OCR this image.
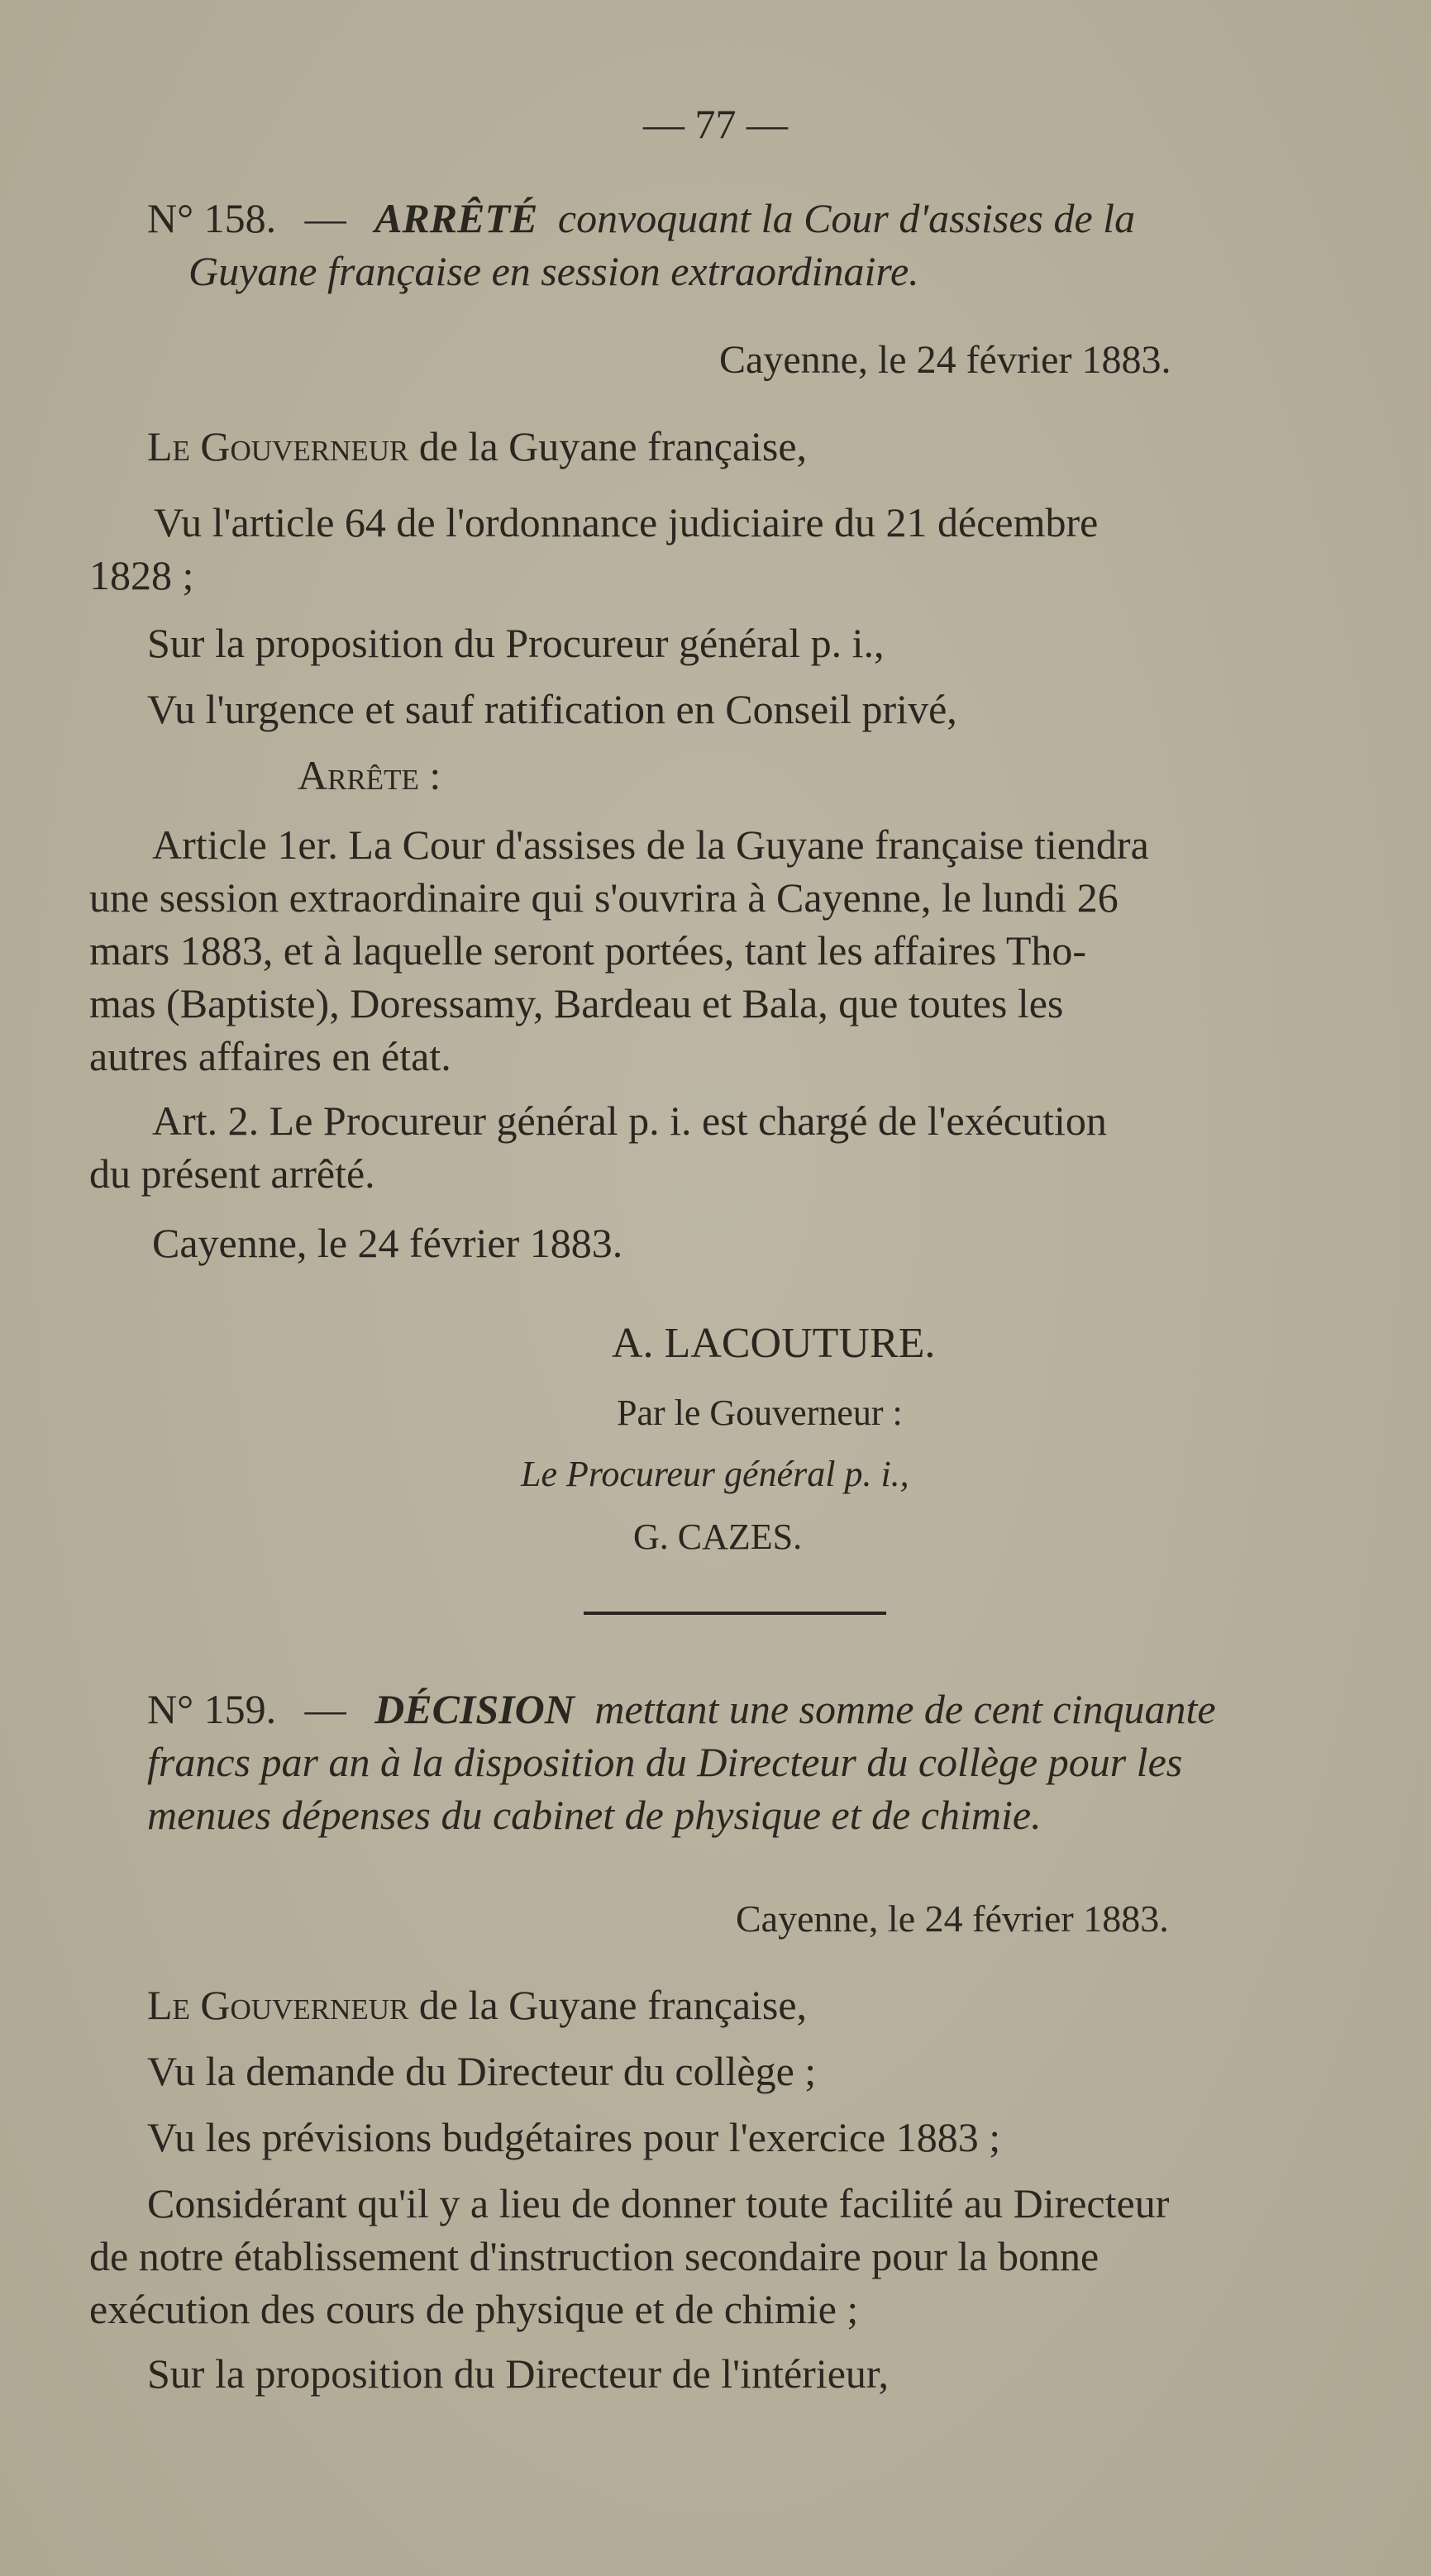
— 77 —
N° 158. — ARRÊTÉ convoquant la Cour d'assises de la
Guyane française en session extraordinaire.
Cayenne, le 24 février 1883.
Le Gouverneur de la Guyane française,
Vu l'article 64 de l'ordonnance judiciaire du 21 décembre
1828 ;
Sur la proposition du Procureur général p. i.,
Vu l'urgence et sauf ratification en Conseil privé,
Arrête :
Article 1er. La Cour d'assises de la Guyane française tiendra
une session extraordinaire qui s'ouvrira à Cayenne, le lundi 26
mars 1883, et à laquelle seront portées, tant les affaires Tho-
mas (Baptiste), Doressamy, Bardeau et Bala, que toutes les
autres affaires en état.
Art. 2. Le Procureur général p. i. est chargé de l'exécution
du présent arrêté.
Cayenne, le 24 février 1883.
A. LACOUTURE.
Par le Gouverneur :
Le Procureur général p. i.,
G. CAZES.
N° 159. — DÉCISION mettant une somme de cent cinquante
francs par an à la disposition du Directeur du collège pour les
menues dépenses du cabinet de physique et de chimie.
Cayenne, le 24 février 1883.
Le Gouverneur de la Guyane française,
Vu la demande du Directeur du collège ;
Vu les prévisions budgétaires pour l'exercice 1883 ;
Considérant qu'il y a lieu de donner toute facilité au Directeur
de notre établissement d'instruction secondaire pour la bonne
exécution des cours de physique et de chimie ;
Sur la proposition du Directeur de l'intérieur,
